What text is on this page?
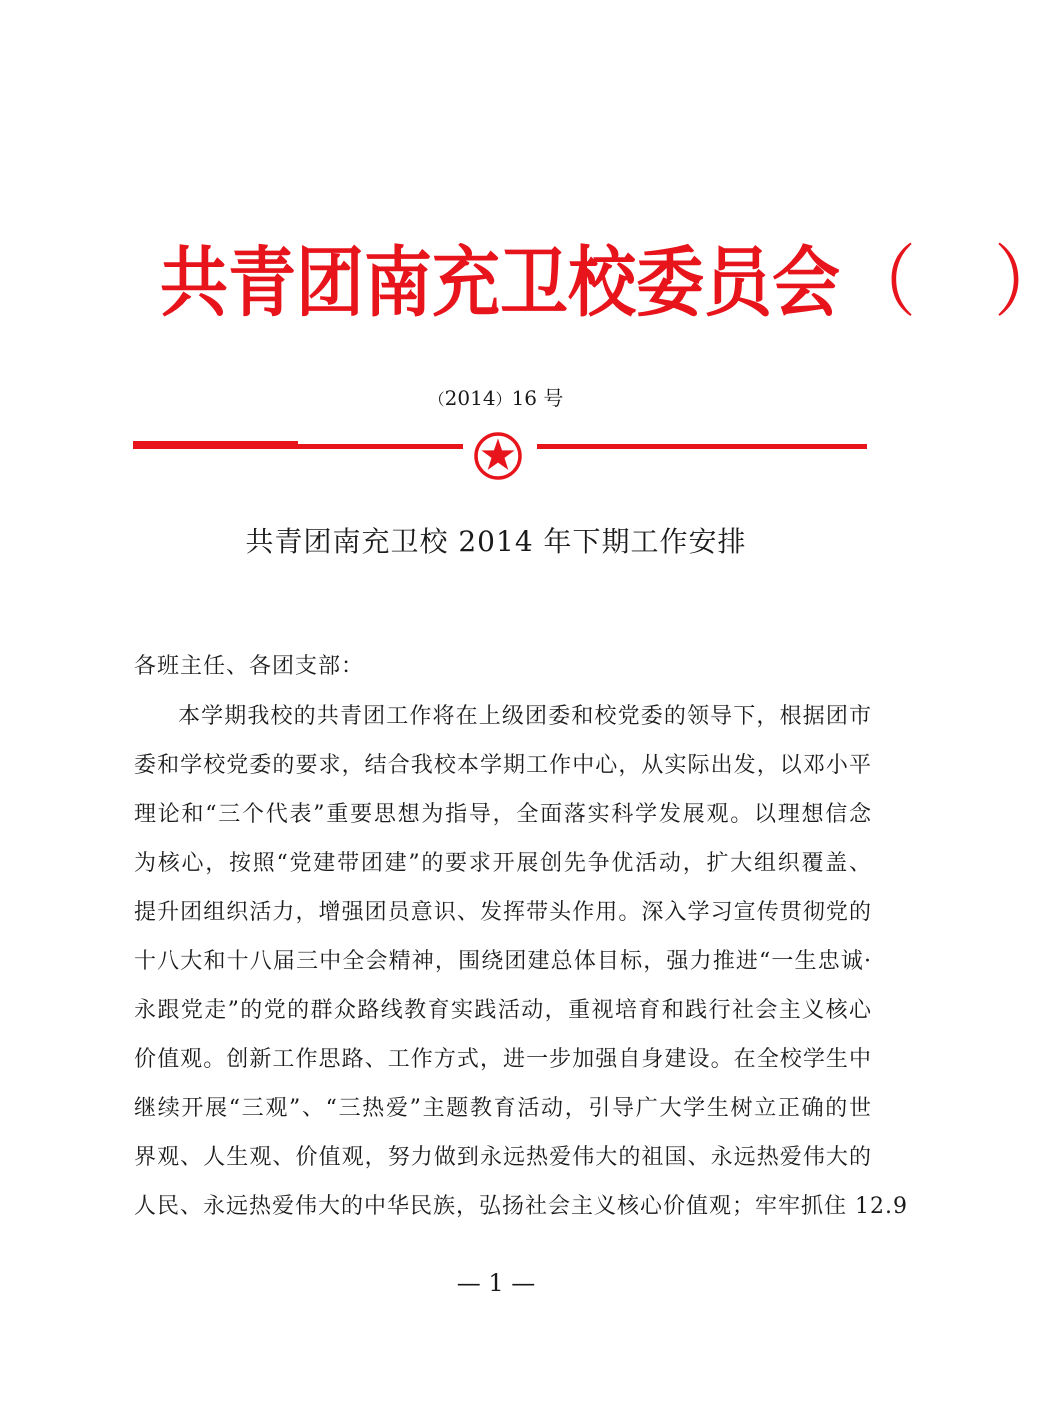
共青团南充卫校委员会（ ）
（2014）16 号
共青团南充卫校 2014 年下期工作安排
各班主任、各团支部：
本学期我校的共青团工作将在上级团委和校党委的领导下，根据团市
委和学校党委的要求，结合我校本学期工作中心，从实际出发，以邓小平
理论和“三个代表”重要思想为指导，全面落实科学发展观。以理想信念
为核心，按照“党建带团建”的要求开展创先争优活动，扩大组织覆盖、
提升团组织活力，增强团员意识、发挥带头作用。深入学习宣传贯彻党的
十八大和十八届三中全会精神，围绕团建总体目标，强力推进“一生忠诚·
永跟党走”的党的群众路线教育实践活动，重视培育和践行社会主义核心
价值观。创新工作思路、工作方式，进一步加强自身建设。在全校学生中
继续开展“三观”、“三热爱”主题教育活动，引导广大学生树立正确的世
界观、人生观、价值观，努力做到永远热爱伟大的祖国、永远热爱伟大的
人民、永远热爱伟大的中华民族，弘扬社会主义核心价值观；牢牢抓住 12.9
— 1 —
